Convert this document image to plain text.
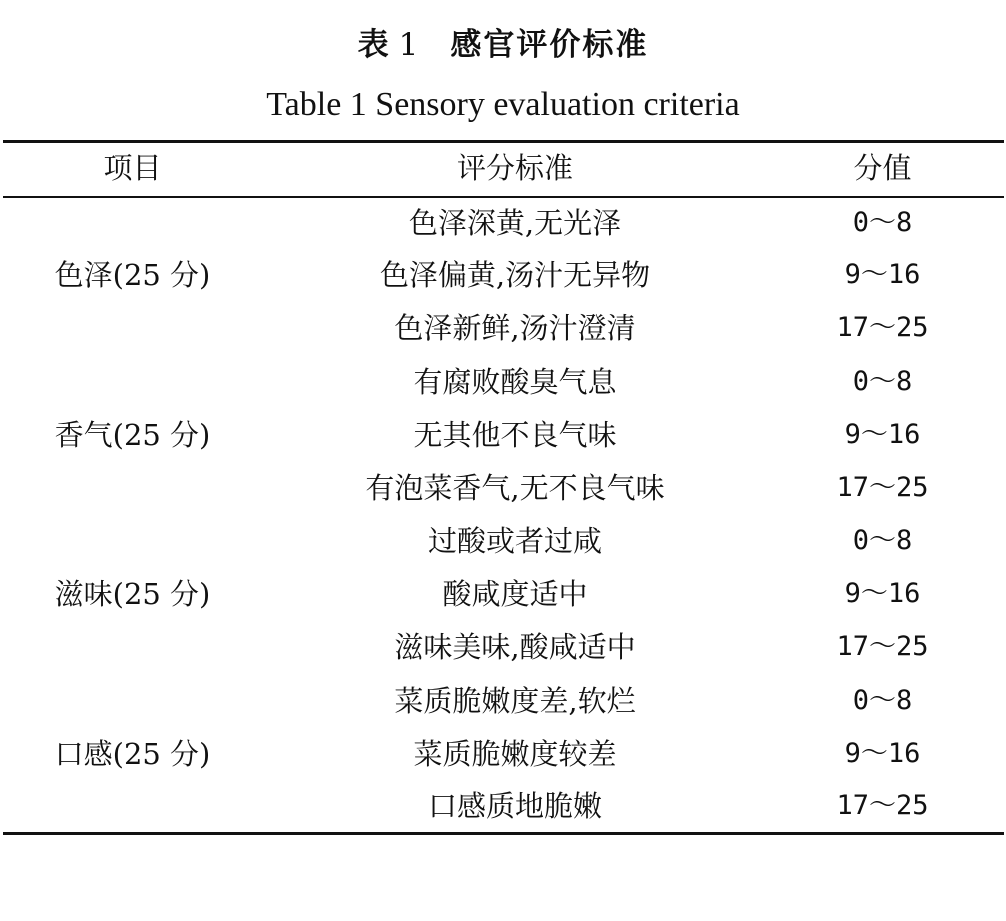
表 1 感官评价标准
Table 1 Sensory evaluation criteria
项目	评分标准	分值
色泽(25 分)
色泽深黄,无光泽	0～8
色泽偏黄,汤汁无异物	9～16
色泽新鲜,汤汁澄清	17～25
香气(25 分)
有腐败酸臭气息	0～8
无其他不良气味	9～16
有泡菜香气,无不良气味	17～25
滋味(25 分)
过酸或者过咸	0～8
酸咸度适中	9～16
滋味美味,酸咸适中	17～25
口感(25 分)
菜质脆嫩度差,软烂	0～8
菜质脆嫩度较差	9～16
口感质地脆嫩	17～25
